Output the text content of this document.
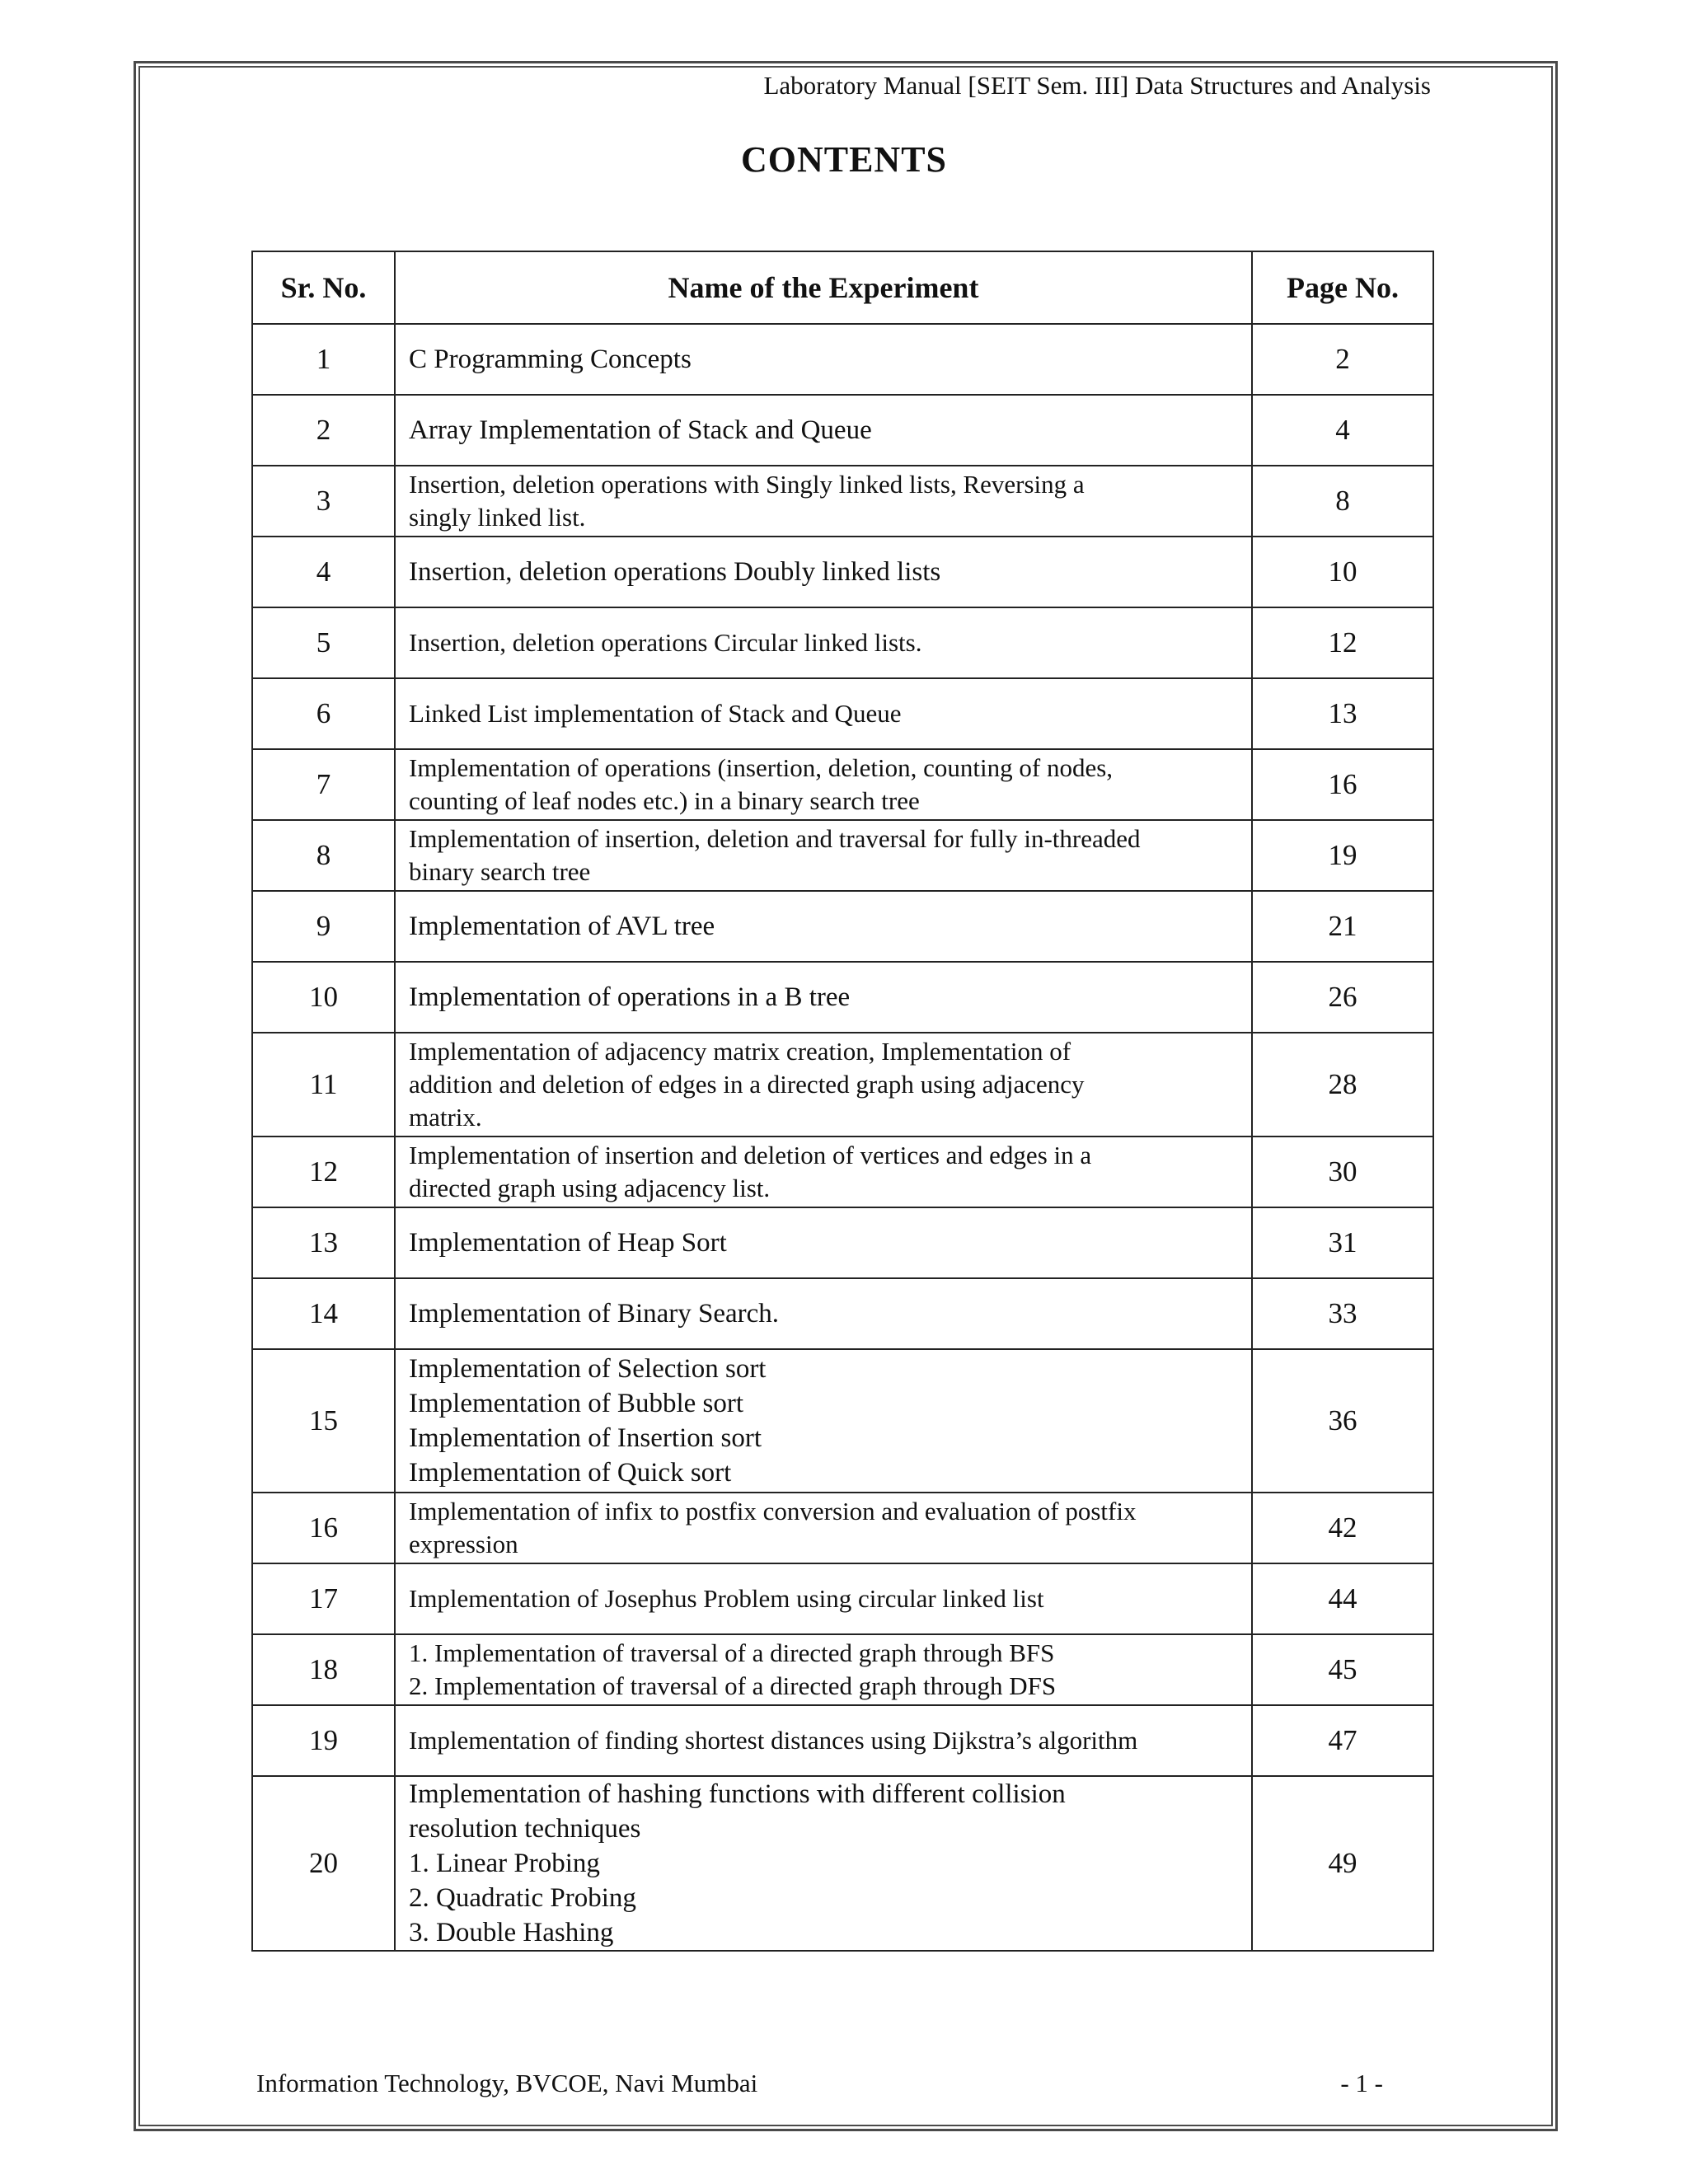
Laboratory Manual [SEIT Sem. III] Data Structures and Analysis
CONTENTS
Sr. No.	Name of the Experiment	Page No.
1	C Programming Concepts	2
2	Array Implementation of Stack and Queue	4
3	Insertion, deletion operations with Singly linked lists, Reversing a
singly linked list.	8
4	Insertion, deletion operations Doubly linked lists	10
5	Insertion, deletion operations Circular linked lists.	12
6	Linked List implementation of Stack and Queue	13
7	Implementation of operations (insertion, deletion, counting of nodes,
counting of leaf nodes etc.) in a binary search tree	16
8	Implementation of insertion, deletion and traversal for fully in-threaded
binary search tree	19
9	Implementation of AVL tree	21
10	Implementation of operations in a B tree	26
11	Implementation of adjacency matrix creation, Implementation of
addition and deletion of edges in a directed graph using adjacency
matrix.	28
12	Implementation of insertion and deletion of vertices and edges in a
directed graph using adjacency list.	30
13	Implementation of Heap Sort	31
14	Implementation of Binary Search.	33
15	Implementation of Selection sort
Implementation of Bubble sort
Implementation of Insertion sort
Implementation of Quick sort	36
16	Implementation of infix to postfix conversion and evaluation of postfix
expression	42
17	Implementation of Josephus Problem using circular linked list	44
18	1. Implementation of traversal of a directed graph through BFS
2. Implementation of traversal of a directed graph through DFS	45
19	Implementation of finding shortest distances using Dijkstra’s algorithm	47
20	Implementation of hashing functions with different collision
resolution techniques
1. Linear Probing
2. Quadratic Probing
3. Double Hashing	49
Information Technology, BVCOE, Navi Mumbai	- 1 -
